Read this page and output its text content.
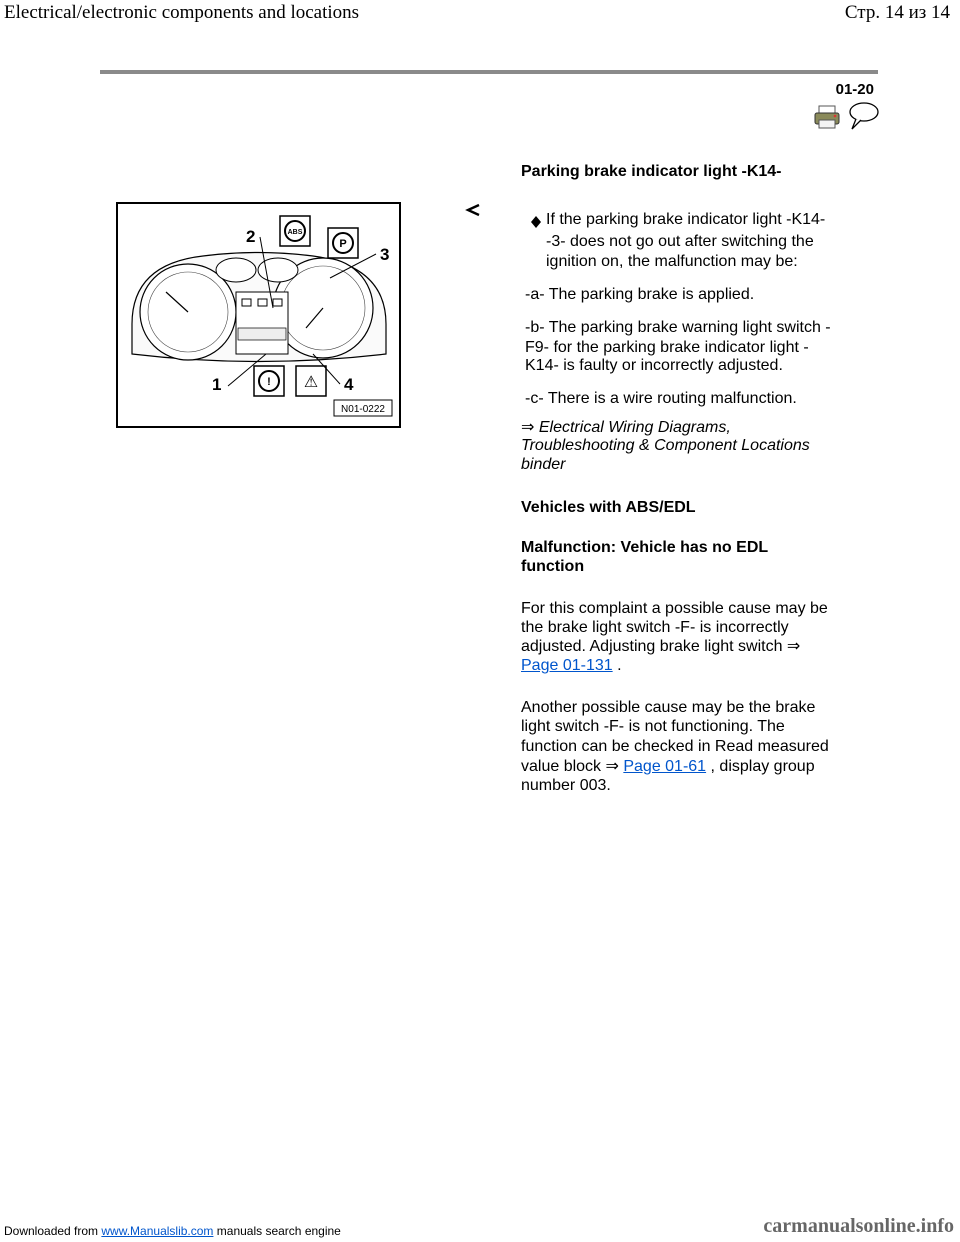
Electrical/electronic components and locations	Стр. 14 из 14
01-20
Parking brake indicator light -K14-
ABS
P
! ⚠
2
3
1	4
N01-0222
If the parking brake indicator light -K14-
-3- does not go out after switching the
ignition on, the malfunction may be:
-a- The parking brake is applied.
-b- The parking brake warning light switch -
F9- for the parking brake indicator light -
K14- is faulty or incorrectly adjusted.
-c- There is a wire routing malfunction.
⇒ Electrical Wiring Diagrams,
Troubleshooting & Component Locations
binder
Vehicles with ABS/EDL
Malfunction: Vehicle has no EDL
function
For this complaint a possible cause may be
the brake light switch -F- is incorrectly
adjusted. Adjusting brake light switch ⇒
Page 01-131 .
Another possible cause may be the brake
light switch -F- is not functioning. The
function can be checked in Read measured
value block ⇒ Page 01-61 , display group
number 003.
Downloaded from www.Manualslib.com manuals search engine	carmanualsonline.info
